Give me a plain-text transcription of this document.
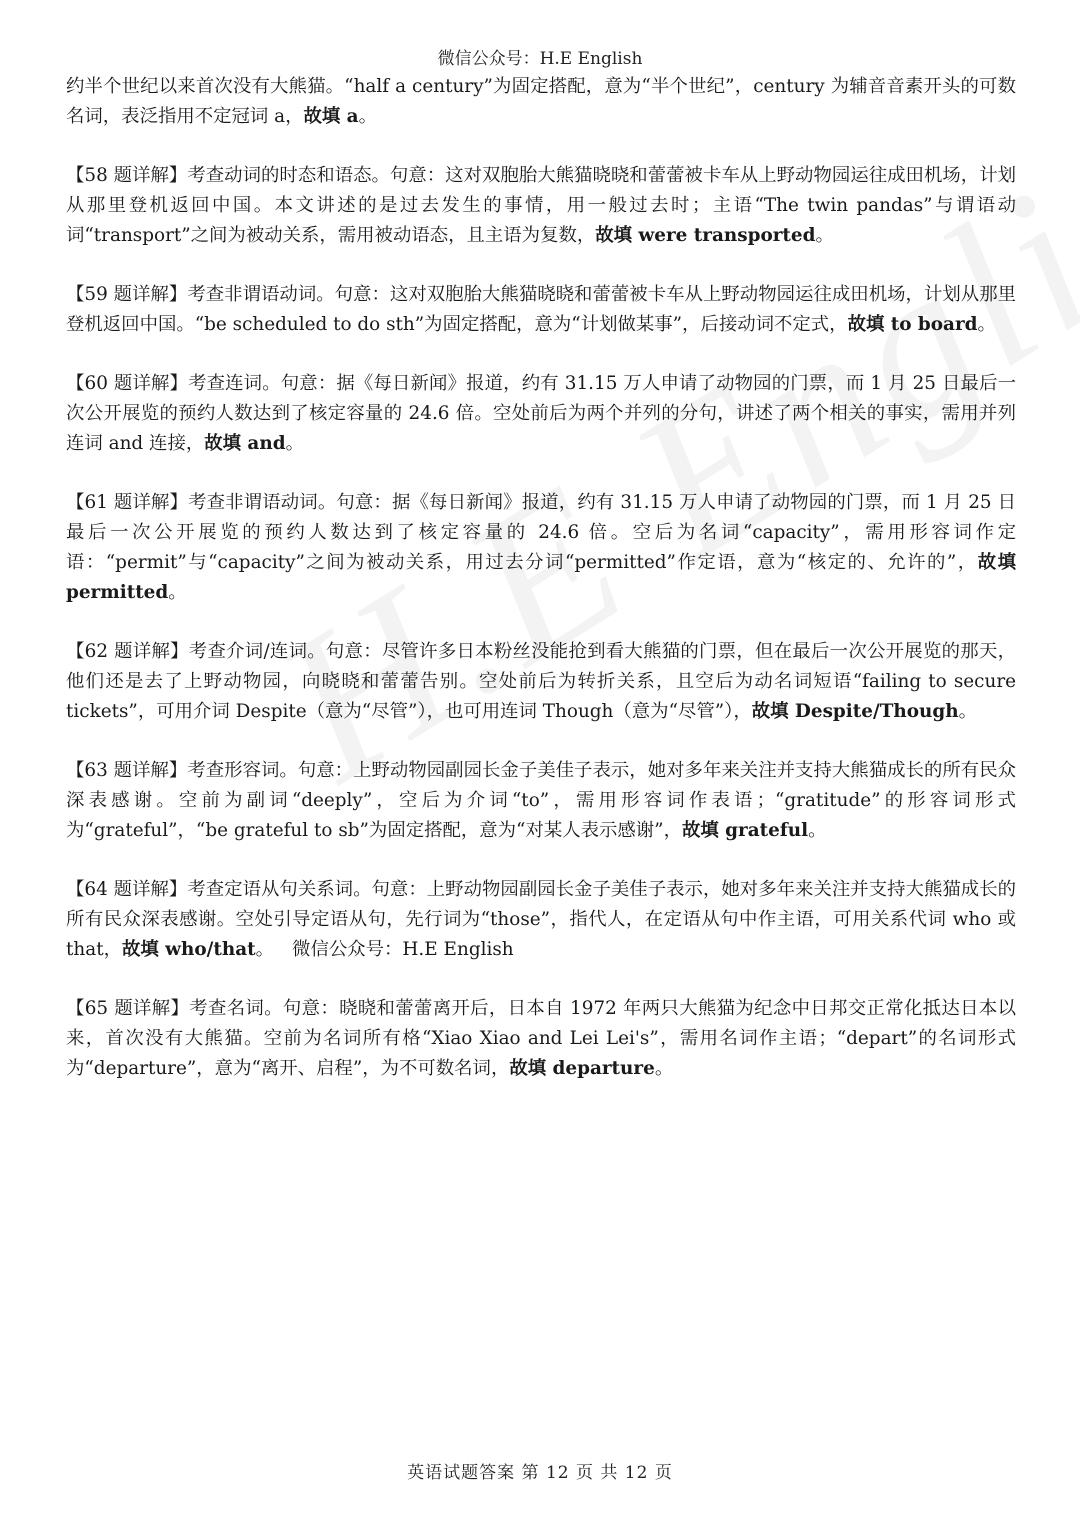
微信公众号：H.E English

约半个世纪以来首次没有大熊猫。“half a century”为固定搭配，意为“半个世纪”，century 为辅音音素开头的可数名词，表泛指用不定冠词 a，故填 a。

【58 题详解】考查动词的时态和语态。句意：这对双胞胎大熊猫晓晓和蕾蕾被卡车从上野动物园运往成田机场，计划从那里登机返回中国。本文讲述的是过去发生的事情，用一般过去时；主语“The twin pandas”与谓语动词“transport”之间为被动关系，需用被动语态，且主语为复数，故填 were transported。

【59 题详解】考查非谓语动词。句意：这对双胞胎大熊猫晓晓和蕾蕾被卡车从上野动物园运往成田机场，计划从那里登机返回中国。“be scheduled to do sth”为固定搭配，意为“计划做某事”，后接动词不定式，故填 to board。

【60 题详解】考查连词。句意：据《每日新闻》报道，约有 31.15 万人申请了动物园的门票，而 1 月 25 日最后一次公开展览的预约人数达到了核定容量的 24.6 倍。空处前后为两个并列的分句，讲述了两个相关的事实，需用并列连词 and 连接，故填 and。

【61 题详解】考查非谓语动词。句意：据《每日新闻》报道，约有 31.15 万人申请了动物园的门票，而 1 月 25 日最后一次公开展览的预约人数达到了核定容量的 24.6 倍。空后为名词“capacity”，需用形容词作定语：“permit”与“capacity”之间为被动关系，用过去分词“permitted”作定语，意为“核定的、允许的”，故填 permitted。

【62 题详解】考查介词/连词。句意：尽管许多日本粉丝没能抢到看大熊猫的门票，但在最后一次公开展览的那天，他们还是去了上野动物园，向晓晓和蕾蕾告别。空处前后为转折关系，且空后为动名词短语“failing to secure tickets”，可用介词 Despite（意为“尽管”），也可用连词 Though（意为“尽管”），故填 Despite/Though。

【63 题详解】考查形容词。句意：上野动物园副园长金子美佳子表示，她对多年来关注并支持大熊猫成长的所有民众深表感谢。空前为副词“deeply”，空后为介词“to”，需用形容词作表语；“gratitude”的形容词形式为“grateful”，“be grateful to sb”为固定搭配，意为“对某人表示感谢”，故填 grateful。

【64 题详解】考查定语从句关系词。句意：上野动物园副园长金子美佳子表示，她对多年来关注并支持大熊猫成长的所有民众深表感谢。空处引导定语从句，先行词为“those”，指代人，在定语从句中作主语，可用关系代词 who 或 that，故填 who/that。 微信公众号：H.E English

【65 题详解】考查名词。句意：晓晓和蕾蕾离开后，日本自 1972 年两只大熊猫为纪念中日邦交正常化抵达日本以来，首次没有大熊猫。空前为名词所有格“Xiao Xiao and Lei Lei's”，需用名词作主语；“depart”的名词形式为“departure”，意为“离开、启程”，为不可数名词，故填 departure。

英语试题答案 第 12 页 共 12 页
